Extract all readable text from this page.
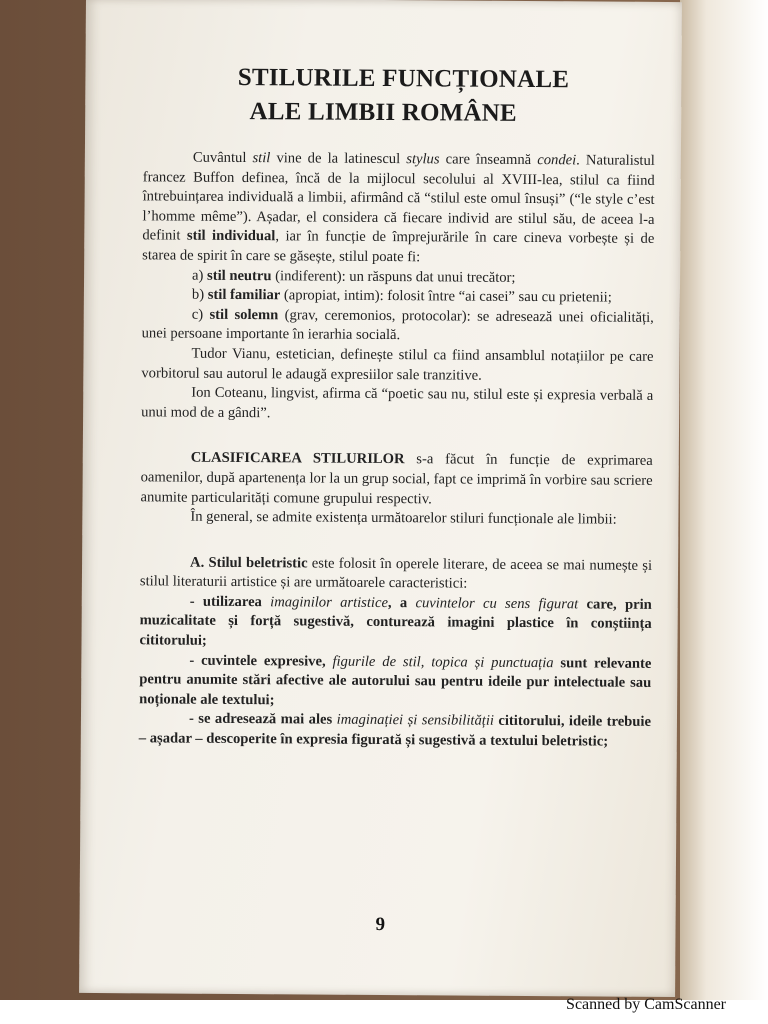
STILURILE FUNCȚIONALE
ALE LIMBII ROMÂNE

Cuvântul stil vine de la latinescul stylus care înseamnă condei. Naturalistul francez Buffon definea, încă de la mijlocul secolului al XVIII-lea, stilul ca fiind întrebuințarea individuală a limbii, afirmând că “stilul este omul însuși” (“le style c’est l’homme même”). Așadar, el considera că fiecare individ are stilul său, de aceea l-a definit stil individual, iar în funcție de împrejurările în care cineva vorbește și de starea de spirit în care se găsește, stilul poate fi:

a) stil neutru (indiferent): un răspuns dat unui trecător;

b) stil familiar (apropiat, intim): folosit între “ai casei” sau cu prietenii;

c) stil solemn (grav, ceremonios, protocolar): se adresează unei oficialități, unei persoane importante în ierarhia socială.

Tudor Vianu, estetician, definește stilul ca fiind ansamblul notațiilor pe care vorbitorul sau autorul le adaugă expresiilor sale tranzitive.

Ion Coteanu, lingvist, afirma că “poetic sau nu, stilul este și expresia verbală a unui mod de a gândi”.

CLASIFICAREA STILURILOR s-a făcut în funcție de exprimarea oamenilor, după apartenența lor la un grup social, fapt ce imprimă în vorbire sau scriere anumite particularități comune grupului respectiv.

În general, se admite existența următoarelor stiluri funcționale ale limbii:

A. Stilul beletristic este folosit în operele literare, de aceea se mai numește și stilul literaturii artistice și are următoarele caracteristici:

- utilizarea imaginilor artistice, a cuvintelor cu sens figurat care, prin muzicalitate și forță sugestivă, conturează imagini plastice în conștiința cititorului;

- cuvintele expresive, figurile de stil, topica și punctuația sunt relevante pentru anumite stări afective ale autorului sau pentru ideile pur intelectuale sau noționale ale textului;

- se adresează mai ales imaginației și sensibilității cititorului, ideile trebuie – așadar – descoperite în expresia figurată și sugestivă a textului beletristic;

9
Scanned by CamScanner
